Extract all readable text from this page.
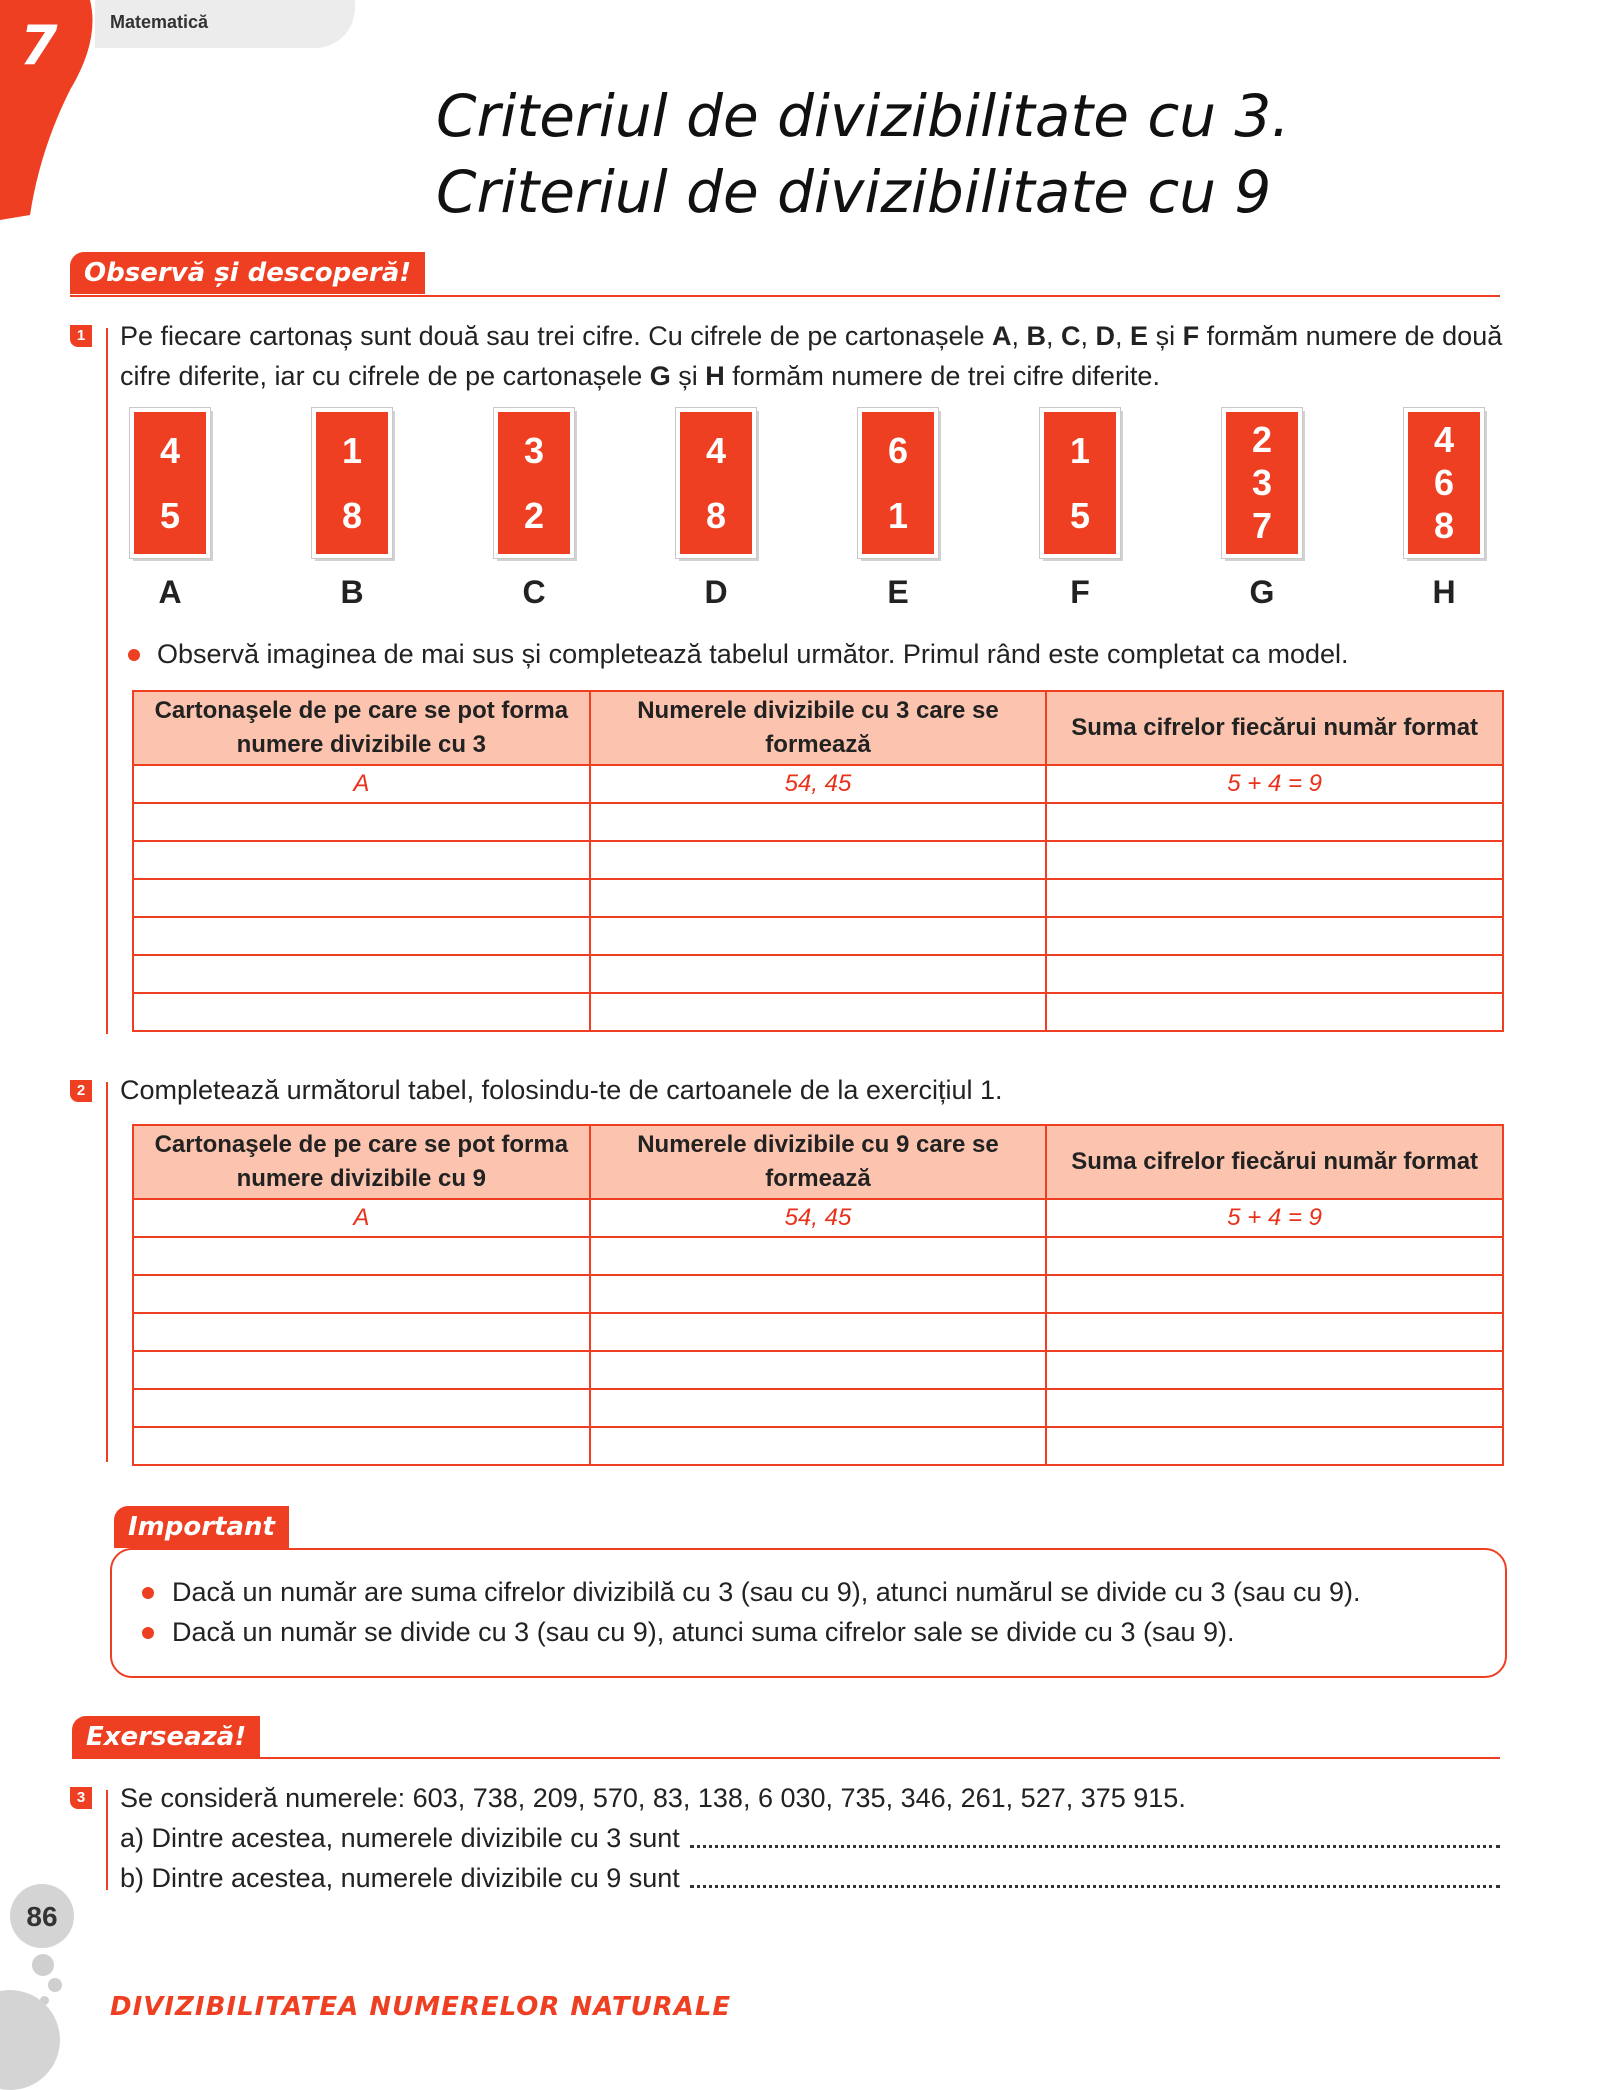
7	Matematică
Criteriul de divizibilitate cu 3.
Criteriul de divizibilitate cu 9
Observă și descoperă!
1 Pe fiecare cartonaș sunt două sau trei cifre. Cu cifrele de pe cartonașele A, B, C, D, E și F formăm numere de două cifre diferite, iar cu cifrele de pe cartonașele G și H formăm numere de trei cifre diferite.
4
5
A
1
8
B
3
2
C
4
8
D
6
1
E
1
5
F
2
3
7
G
4
6
8
H
Observă imaginea de mai sus și completează tabelul următor. Primul rând este completat ca model.
Cartonaşele de pe care se pot forma numere divizibile cu 3	Numerele divizibile cu 3 care se formează	Suma cifrelor fiecărui număr format
A	54, 45	5 + 4 = 9

2 Completează următorul tabel, folosindu-te de cartoanele de la exercițiul 1.
Cartonaşele de pe care se pot forma numere divizibile cu 9	Numerele divizibile cu 9 care se formează	Suma cifrelor fiecărui număr format
A	54, 45	5 + 4 = 9

Important
Dacă un număr are suma cifrelor divizibilă cu 3 (sau cu 9), atunci numărul se divide cu 3 (sau cu 9).
Dacă un număr se divide cu 3 (sau cu 9), atunci suma cifrelor sale se divide cu 3 (sau 9).
Exersează!
3 Se consideră numerele: 603, 738, 209, 570, 83, 138, 6 030, 735, 346, 261, 527, 375 915.
a) Dintre acestea, numerele divizibile cu 3 sunt
b) Dintre acestea, numerele divizibile cu 9 sunt
86
DIVIZIBILITATEA NUMERELOR NATURALE
